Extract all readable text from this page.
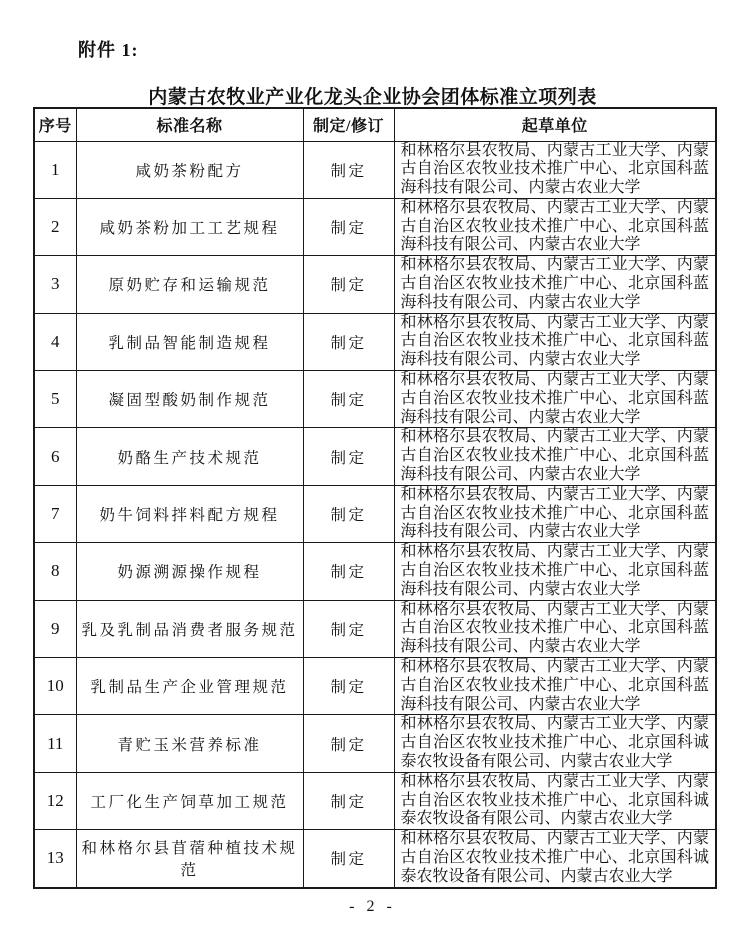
附件 1:
内蒙古农牧业产业化龙头企业协会团体标准立项列表
序号	标准名称	制定/修订	起草单位
1	咸奶茶粉配方	制定	和林格尔县农牧局、内蒙古工业大学、内蒙古自治区农牧业技术推广中心、北京国科蓝海科技有限公司、内蒙古农业大学
2	咸奶茶粉加工工艺规程	制定	和林格尔县农牧局、内蒙古工业大学、内蒙古自治区农牧业技术推广中心、北京国科蓝海科技有限公司、内蒙古农业大学
3	原奶贮存和运输规范	制定	和林格尔县农牧局、内蒙古工业大学、内蒙古自治区农牧业技术推广中心、北京国科蓝海科技有限公司、内蒙古农业大学
4	乳制品智能制造规程	制定	和林格尔县农牧局、内蒙古工业大学、内蒙古自治区农牧业技术推广中心、北京国科蓝海科技有限公司、内蒙古农业大学
5	凝固型酸奶制作规范	制定	和林格尔县农牧局、内蒙古工业大学、内蒙古自治区农牧业技术推广中心、北京国科蓝海科技有限公司、内蒙古农业大学
6	奶酪生产技术规范	制定	和林格尔县农牧局、内蒙古工业大学、内蒙古自治区农牧业技术推广中心、北京国科蓝海科技有限公司、内蒙古农业大学
7	奶牛饲料拌料配方规程	制定	和林格尔县农牧局、内蒙古工业大学、内蒙古自治区农牧业技术推广中心、北京国科蓝海科技有限公司、内蒙古农业大学
8	奶源溯源操作规程	制定	和林格尔县农牧局、内蒙古工业大学、内蒙古自治区农牧业技术推广中心、北京国科蓝海科技有限公司、内蒙古农业大学
9	乳及乳制品消费者服务规范	制定	和林格尔县农牧局、内蒙古工业大学、内蒙古自治区农牧业技术推广中心、北京国科蓝海科技有限公司、内蒙古农业大学
10	乳制品生产企业管理规范	制定	和林格尔县农牧局、内蒙古工业大学、内蒙古自治区农牧业技术推广中心、北京国科蓝海科技有限公司、内蒙古农业大学
11	青贮玉米营养标准	制定	和林格尔县农牧局、内蒙古工业大学、内蒙古自治区农牧业技术推广中心、北京国科诚泰农牧设备有限公司、内蒙古农业大学
12	工厂化生产饲草加工规范	制定	和林格尔县农牧局、内蒙古工业大学、内蒙古自治区农牧业技术推广中心、北京国科诚泰农牧设备有限公司、内蒙古农业大学
13	和林格尔县苜蓿种植技术规范	制定	和林格尔县农牧局、内蒙古工业大学、内蒙古自治区农牧业技术推广中心、北京国科诚泰农牧设备有限公司、内蒙古农业大学
- 2 -
